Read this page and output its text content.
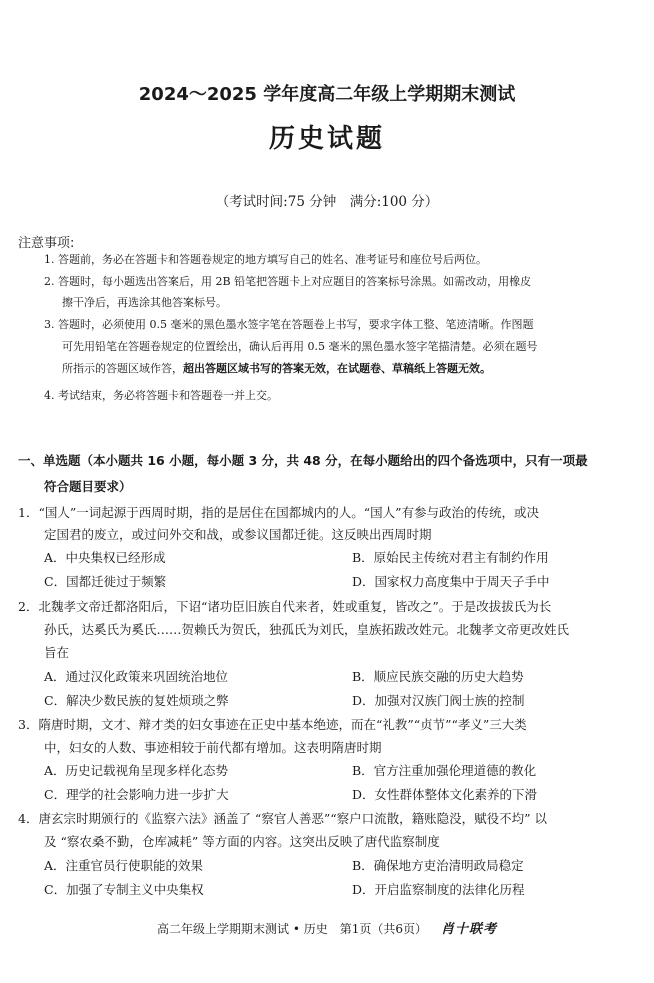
2024～2025 学年度高二年级上学期期末测试
历史试题
（考试时间:75 分钟　满分:100 分）
注意事项:
1. 答题前，务必在答题卡和答题卷规定的地方填写自己的姓名、准考证号和座位号后两位。
2. 答题时，每小题选出答案后，用 2B 铅笔把答题卡上对应题目的答案标号涂黑。如需改动，用橡皮
擦干净后，再选涂其他答案标号。
3. 答题时，必须使用 0.5 毫米的黑色墨水签字笔在答题卷上书写，要求字体工整、笔迹清晰。作图题
可先用铅笔在答题卷规定的位置绘出，确认后再用 0.5 毫米的黑色墨水签字笔描清楚。必须在题号
所指示的答题区域作答，超出答题区域书写的答案无效，在试题卷、草稿纸上答题无效。
4. 考试结束，务必将答题卡和答题卷一并上交。
一、单选题（本小题共 16 小题，每小题 3 分，共 48 分，在每小题给出的四个备选项中，只有一项最
符合题目要求）
1．“国人”一词起源于西周时期，指的是居住在国都城内的人。“国人”有参与政治的传统，或决
定国君的废立，或过问外交和战，或参议国都迁徙。这反映出西周时期
A．中央集权已经形成	B．原始民主传统对君主有制约作用
C．国都迁徙过于频繁	D．国家权力高度集中于周天子手中
2．北魏孝文帝迁都洛阳后，下诏“诸功臣旧族自代来者，姓或重复，皆改之”。于是改拔拔氏为长
孙氏，达奚氏为奚氏……贺赖氏为贺氏，独孤氏为刘氏，皇族拓跋改姓元。北魏孝文帝更改姓氏
旨在
A．通过汉化政策来巩固统治地位	B．顺应民族交融的历史大趋势
C．解决少数民族的复姓烦琐之弊	D．加强对汉族门阀士族的控制
3．隋唐时期，文才、辩才类的妇女事迹在正史中基本绝迹，而在“礼教”“贞节”“孝义”三大类
中，妇女的人数、事迹相较于前代都有增加。这表明隋唐时期
A．历史记载视角呈现多样化态势	B．官方注重加强伦理道德的教化
C．理学的社会影响力进一步扩大	D．女性群体整体文化素养的下滑
4．唐玄宗时期颁行的《监察六法》涵盖了 “察官人善恶”“察户口流散，籍账隐没，赋役不均” 以
及 “察农桑不勤，仓库减耗” 等方面的内容。这突出反映了唐代监察制度
A．注重官员行使职能的效果	B．确保地方吏治清明政局稳定
C．加强了专制主义中央集权	D．开启监察制度的法律化历程
高二年级上学期期末测试 • 历史　第1页（共6页） 肖十联考
